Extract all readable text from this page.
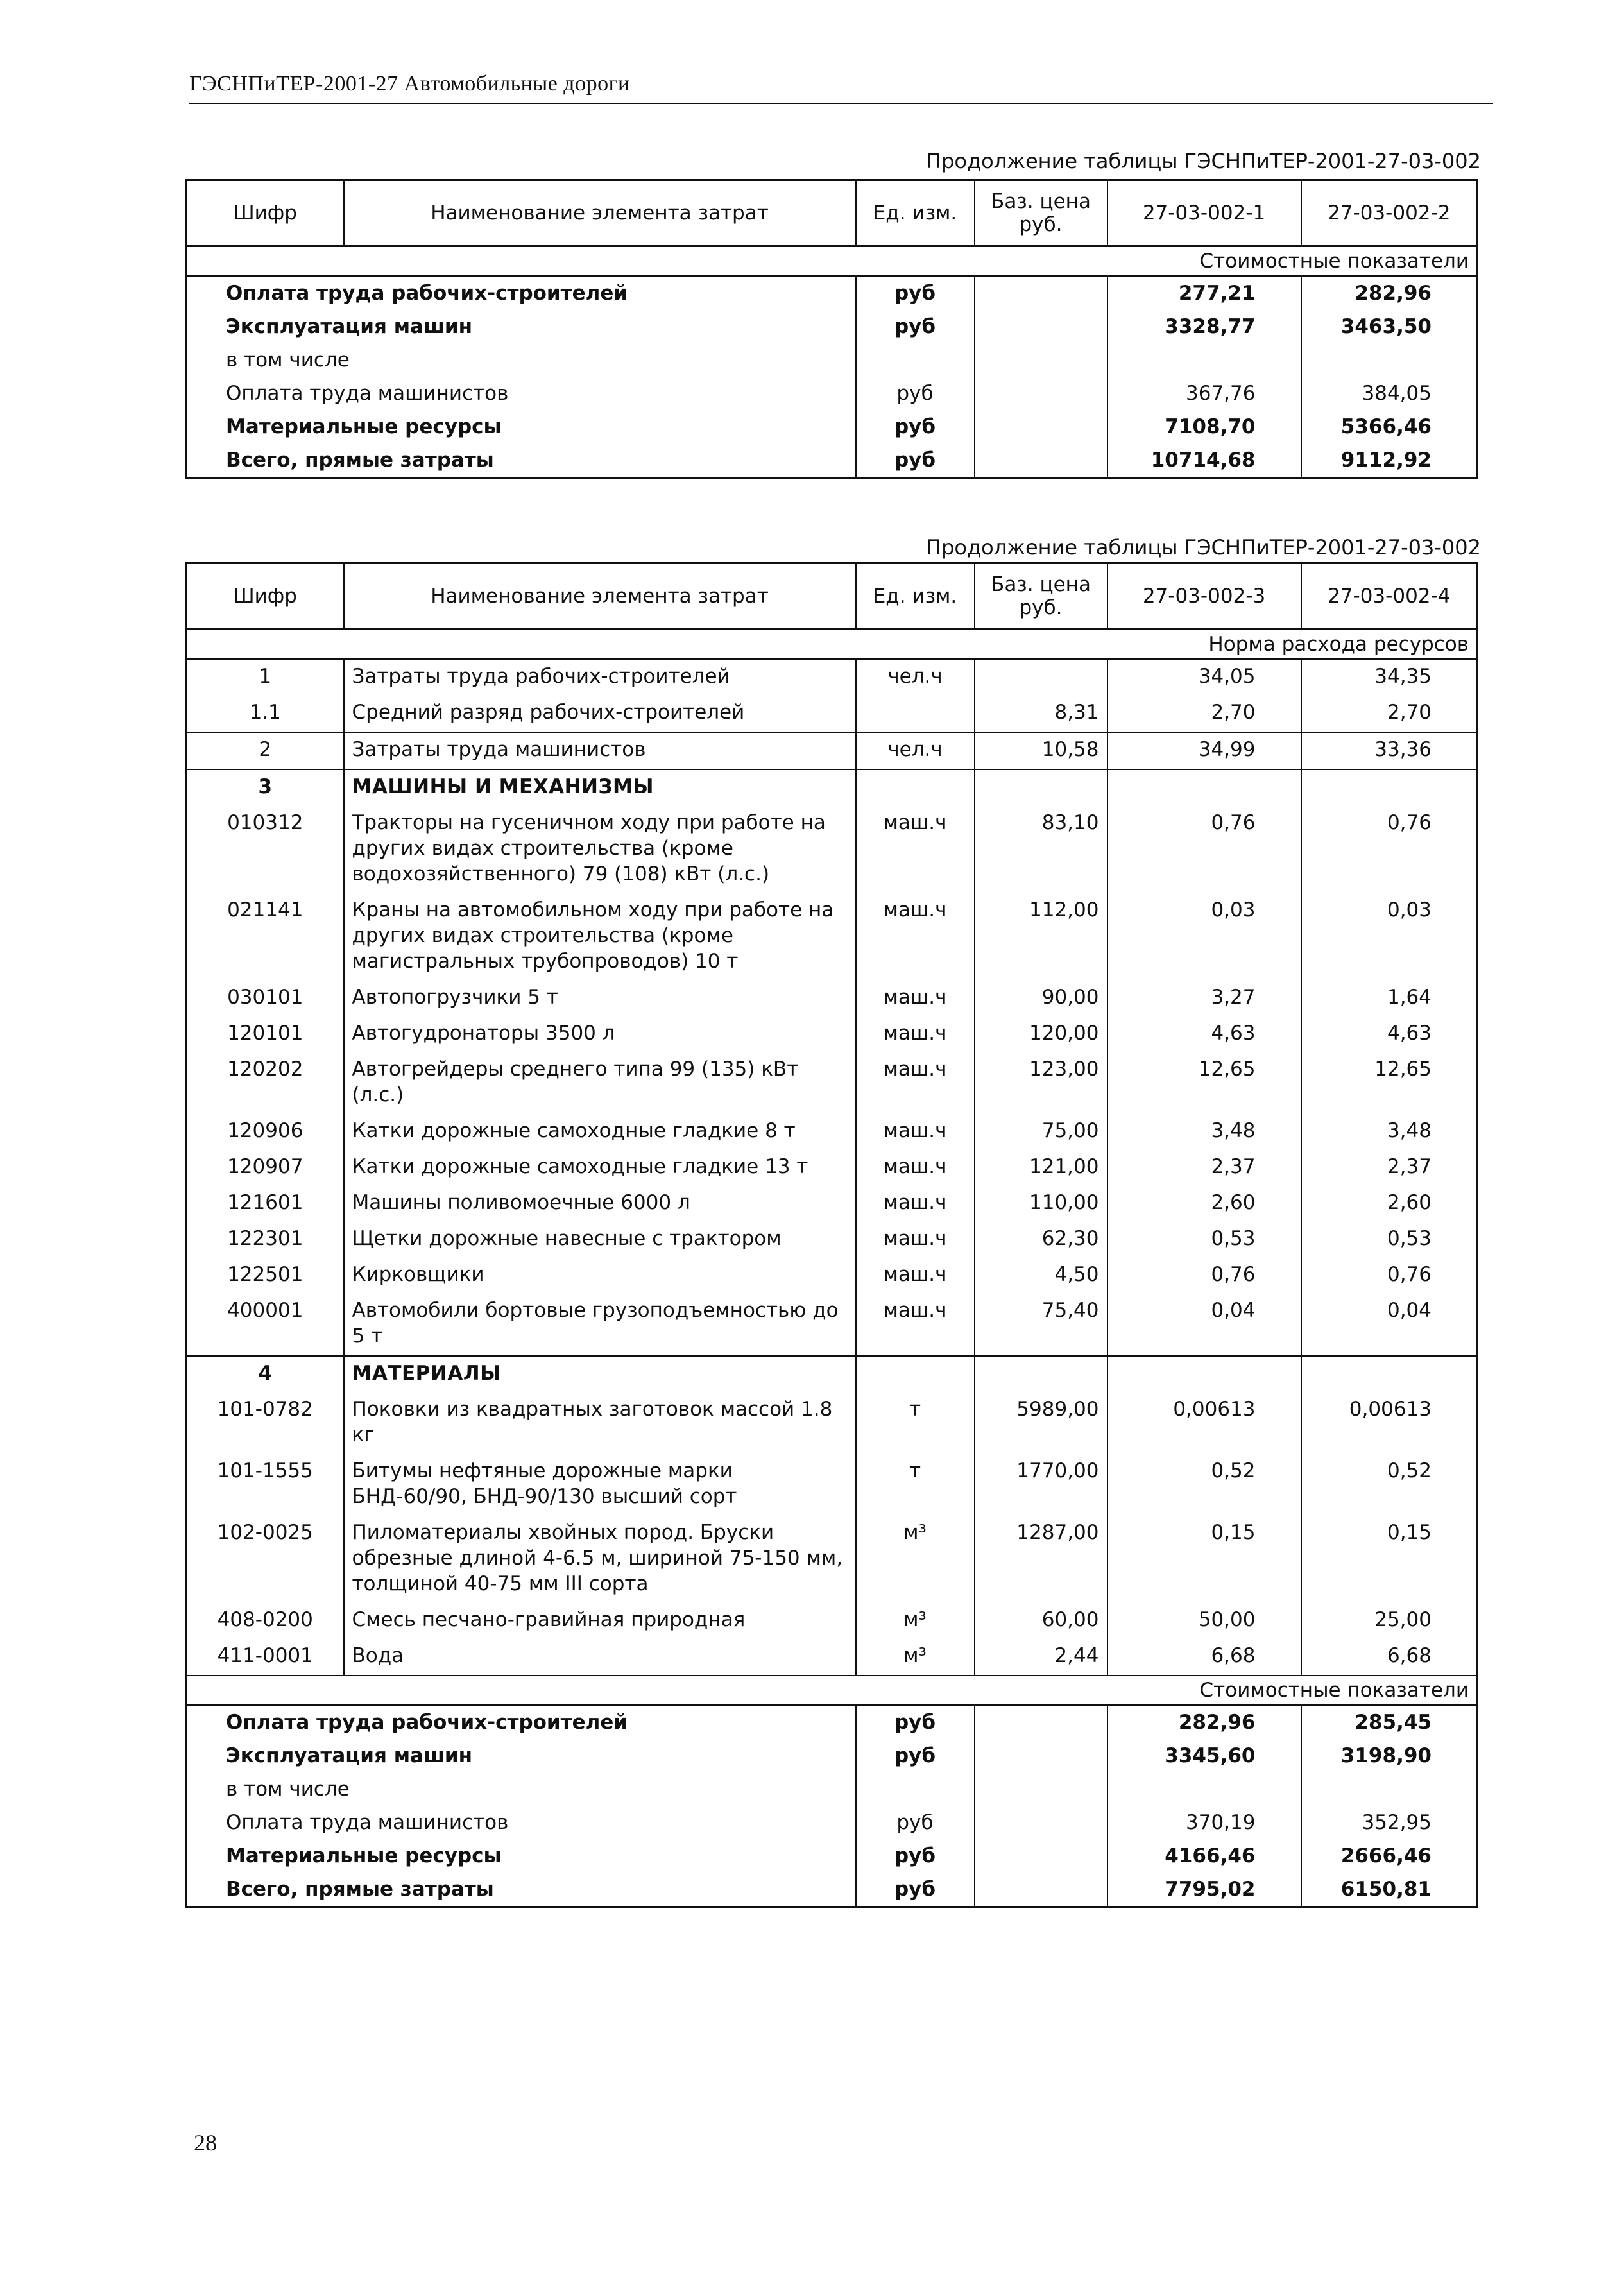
ГЭСНПиТЕР-2001-27 Автомобильные дороги
Продолжение таблицы ГЭСНПиТЕР-2001-27-03-002
Шифр	Наименование элемента затрат	Ед. изм.	Баз. цена руб.	27-03-002-1	27-03-002-2
Стоимостные показатели					
Оплата труда рабочих-строителей		руб		277,21	282,96
Эксплуатация машин		руб		3328,77	3463,50
в том числе					
Оплата труда машинистов		руб		367,76	384,05
Материальные ресурсы		руб		7108,70	5366,46
Всего, прямые затраты		руб		10714,68	9112,92
Продолжение таблицы ГЭСНПиТЕР-2001-27-03-002
Шифр	Наименование элемента затрат	Ед. изм.	Баз. цена руб.	27-03-002-3	27-03-002-4
Норма расхода ресурсов					
1	Затраты труда рабочих-строителей	чел.ч		34,05	34,35
1.1	Средний разряд рабочих-строителей		8,31	2,70	2,70
2	Затраты труда машинистов	чел.ч	10,58	34,99	33,36
3	МАШИНЫ И МЕХАНИЗМЫ				
010312	Тракторы на гусеничном ходу при работе на других видах строительства (кроме водохозяйственного) 79 (108) кВт (л.с.)	маш.ч	83,10	0,76	0,76
021141	Краны на автомобильном ходу при работе на других видах строительства (кроме магистральных трубопроводов) 10 т	маш.ч	112,00	0,03	0,03
030101	Автопогрузчики 5 т	маш.ч	90,00	3,27	1,64
120101	Автогудронаторы 3500 л	маш.ч	120,00	4,63	4,63
120202	Автогрейдеры среднего типа 99 (135) кВт (л.с.)	маш.ч	123,00	12,65	12,65
120906	Катки дорожные самоходные гладкие 8 т	маш.ч	75,00	3,48	3,48
120907	Катки дорожные самоходные гладкие 13 т	маш.ч	121,00	2,37	2,37
121601	Машины поливомоечные 6000 л	маш.ч	110,00	2,60	2,60
122301	Щетки дорожные навесные с трактором	маш.ч	62,30	0,53	0,53
122501	Кирковщики	маш.ч	4,50	0,76	0,76
400001	Автомобили бортовые грузоподъемностью до 5 т	маш.ч	75,40	0,04	0,04
4	МАТЕРИАЛЫ				
101-0782	Поковки из квадратных заготовок массой 1.8 кг	т	5989,00	0,00613	0,00613
101-1555	Битумы нефтяные дорожные марки БНД-60/90, БНД-90/130 высший сорт	т	1770,00	0,52	0,52
102-0025	Пиломатериалы хвойных пород. Бруски обрезные длиной 4-6.5 м, шириной 75-150 мм, толщиной 40-75 мм III сорта	м³	1287,00	0,15	0,15
408-0200	Смесь песчано-гравийная природная	м³	60,00	50,00	25,00
411-0001	Вода	м³	2,44	6,68	6,68
Стоимостные показатели					
Оплата труда рабочих-строителей		руб		282,96	285,45
Эксплуатация машин		руб		3345,60	3198,90
в том числе					
Оплата труда машинистов		руб		370,19	352,95
Материальные ресурсы		руб		4166,46	2666,46
Всего, прямые затраты		руб		7795,02	6150,81
28
